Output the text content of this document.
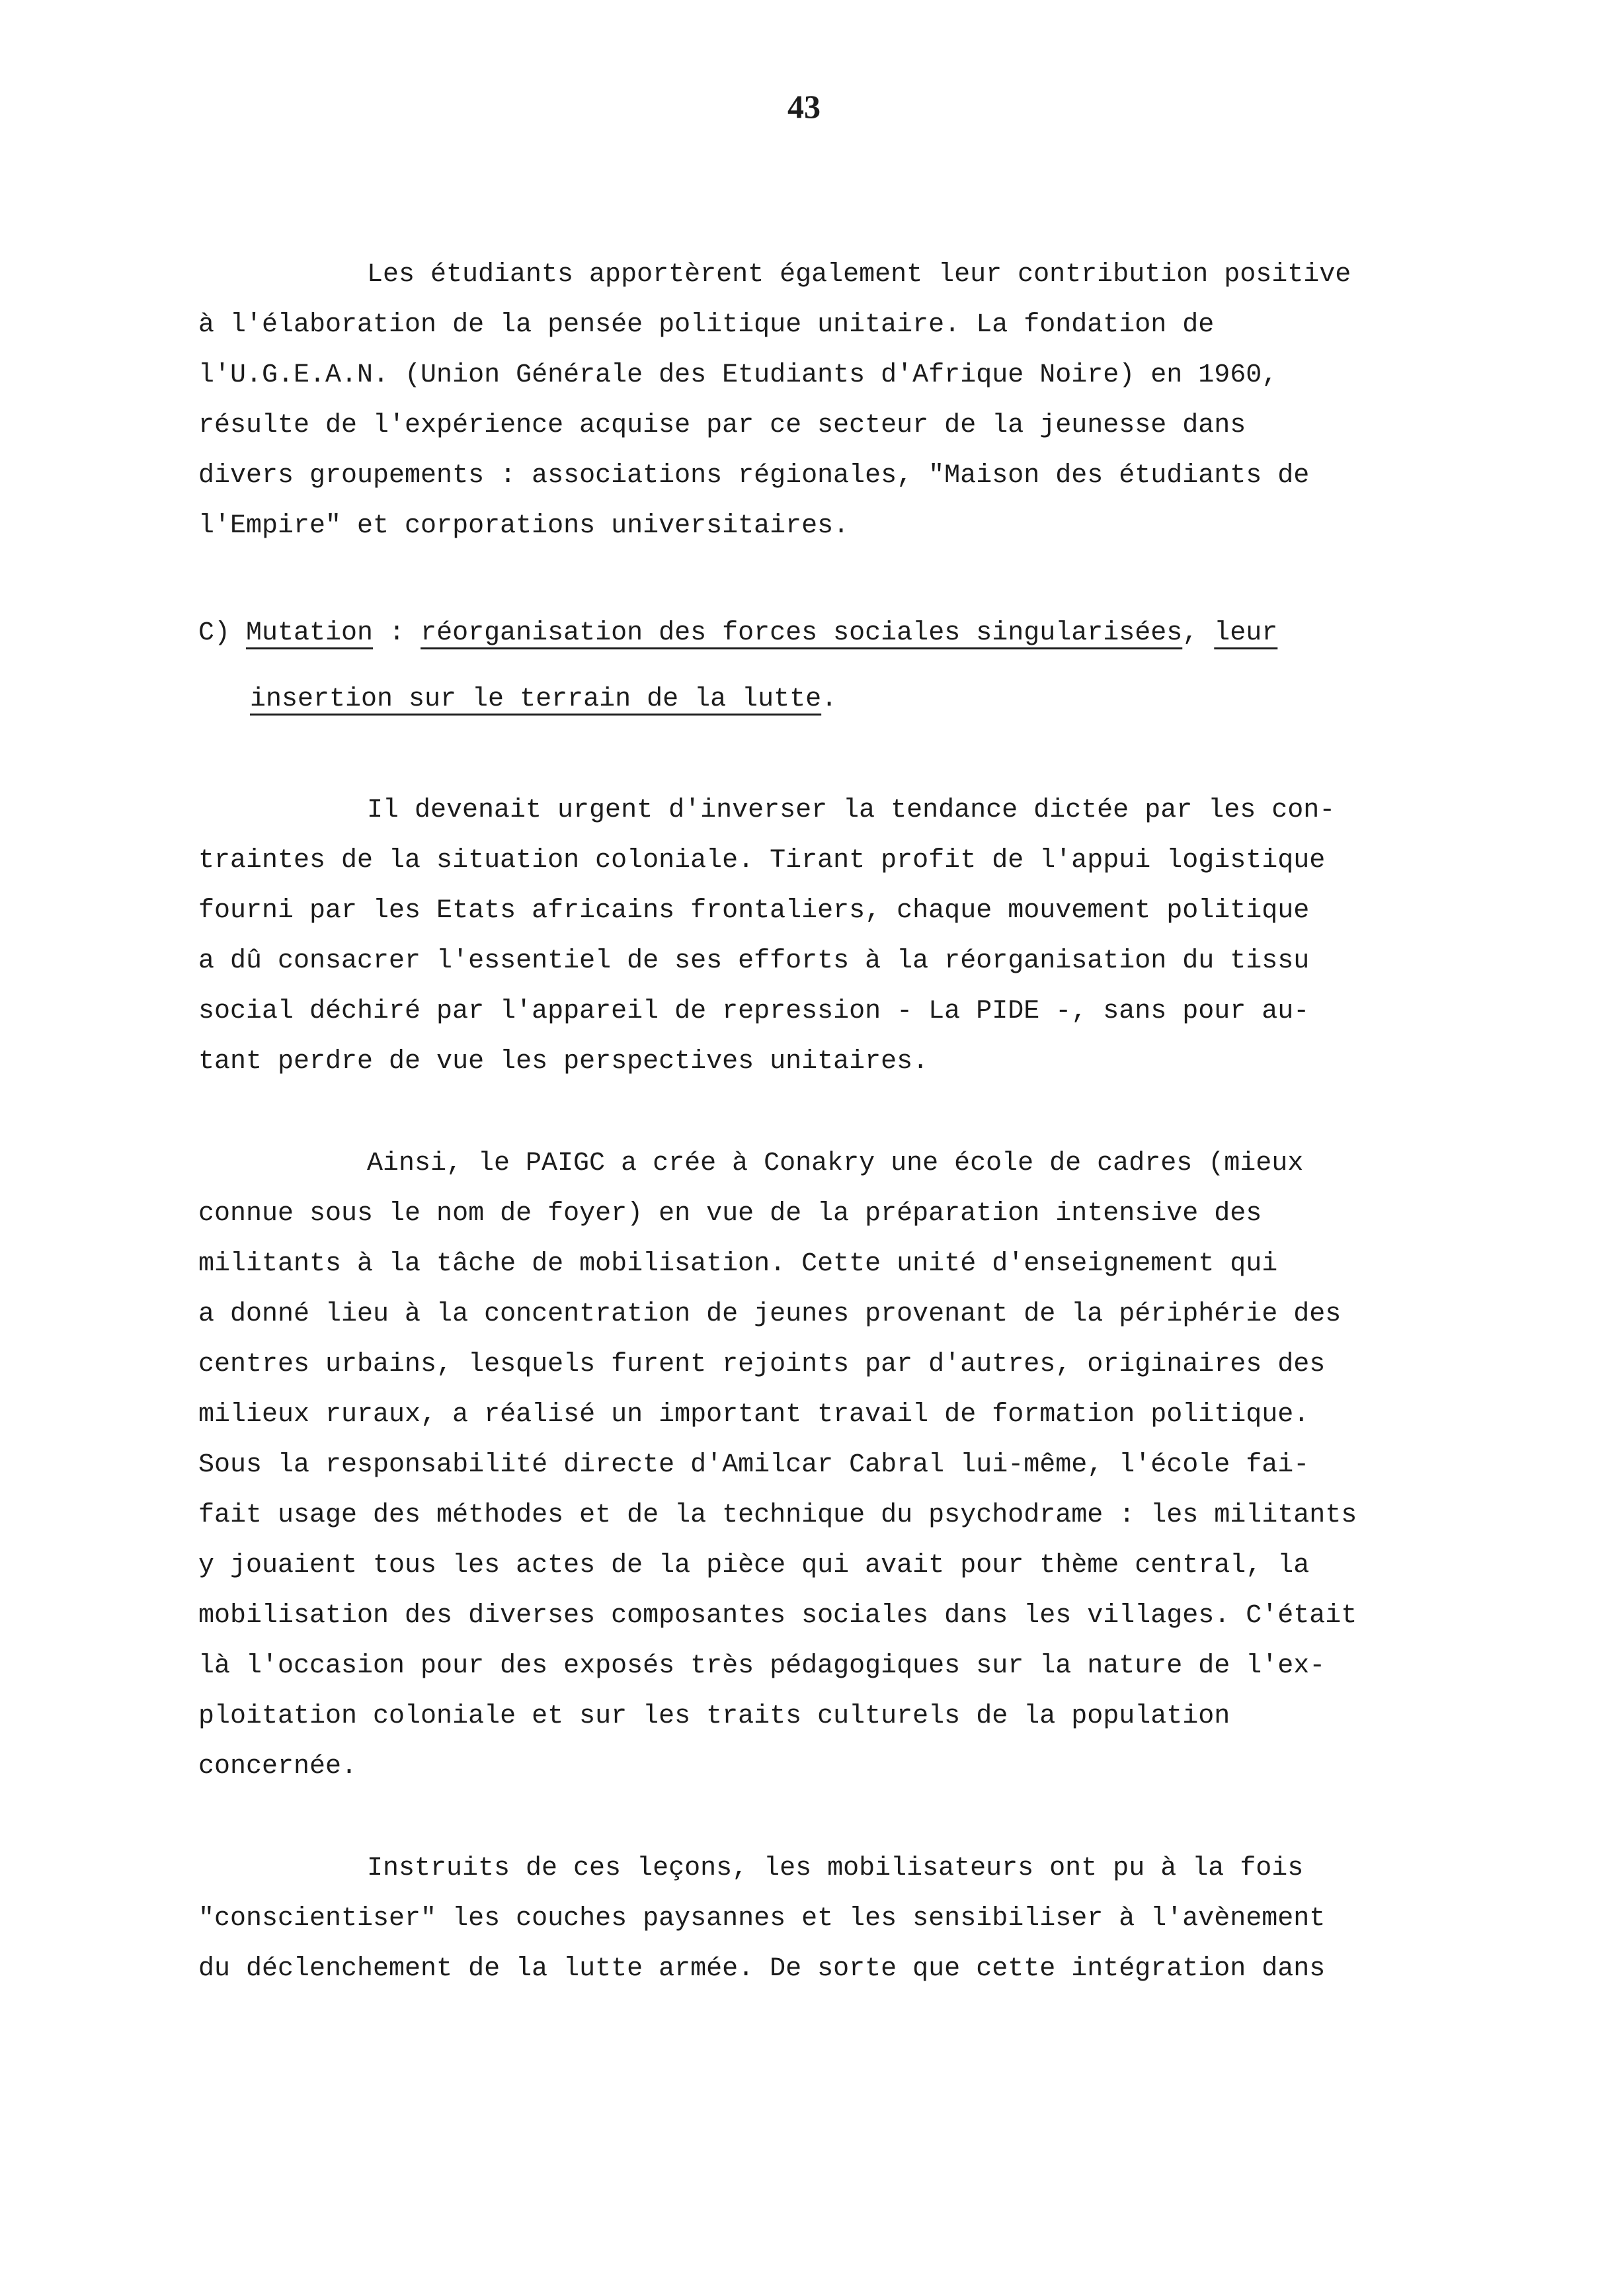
43
Les étudiants apportèrent également leur contribution positive
à l'élaboration de la pensée politique unitaire. La fondation de
l'U.G.E.A.N. (Union Générale des Etudiants d'Afrique Noire) en 1960,
résulte de l'expérience acquise par ce secteur de la jeunesse dans
divers groupements : associations régionales, "Maison des étudiants de
l'Empire" et corporations universitaires.
C) Mutation : réorganisation des forces sociales singularisées, leur
insertion sur le terrain de la lutte.
Il devenait urgent d'inverser la tendance dictée par les con-
traintes de la situation coloniale. Tirant profit de l'appui logistique
fourni par les Etats africains frontaliers, chaque mouvement politique
a dû consacrer l'essentiel de ses efforts à la réorganisation du tissu
social déchiré par l'appareil de repression - La PIDE -, sans pour au-
tant perdre de vue les perspectives unitaires.
Ainsi, le PAIGC a crée à Conakry une école de cadres (mieux
connue sous le nom de foyer) en vue de la préparation intensive des
militants à la tâche de mobilisation. Cette unité d'enseignement qui
a donné lieu à la concentration de jeunes provenant de la périphérie des
centres urbains, lesquels furent rejoints par d'autres, originaires des
milieux ruraux, a réalisé un important travail de formation politique.
Sous la responsabilité directe d'Amilcar Cabral lui-même, l'école fai-
fait usage des méthodes et de la technique du psychodrame : les militants
y jouaient tous les actes de la pièce qui avait pour thème central, la
mobilisation des diverses composantes sociales dans les villages. C'était
là l'occasion pour des exposés très pédagogiques sur la nature de l'ex-
ploitation coloniale et sur les traits culturels de la population
concernée.
Instruits de ces leçons, les mobilisateurs ont pu à la fois
"conscientiser" les couches paysannes et les sensibiliser à l'avènement
du déclenchement de la lutte armée. De sorte que cette intégration dans
